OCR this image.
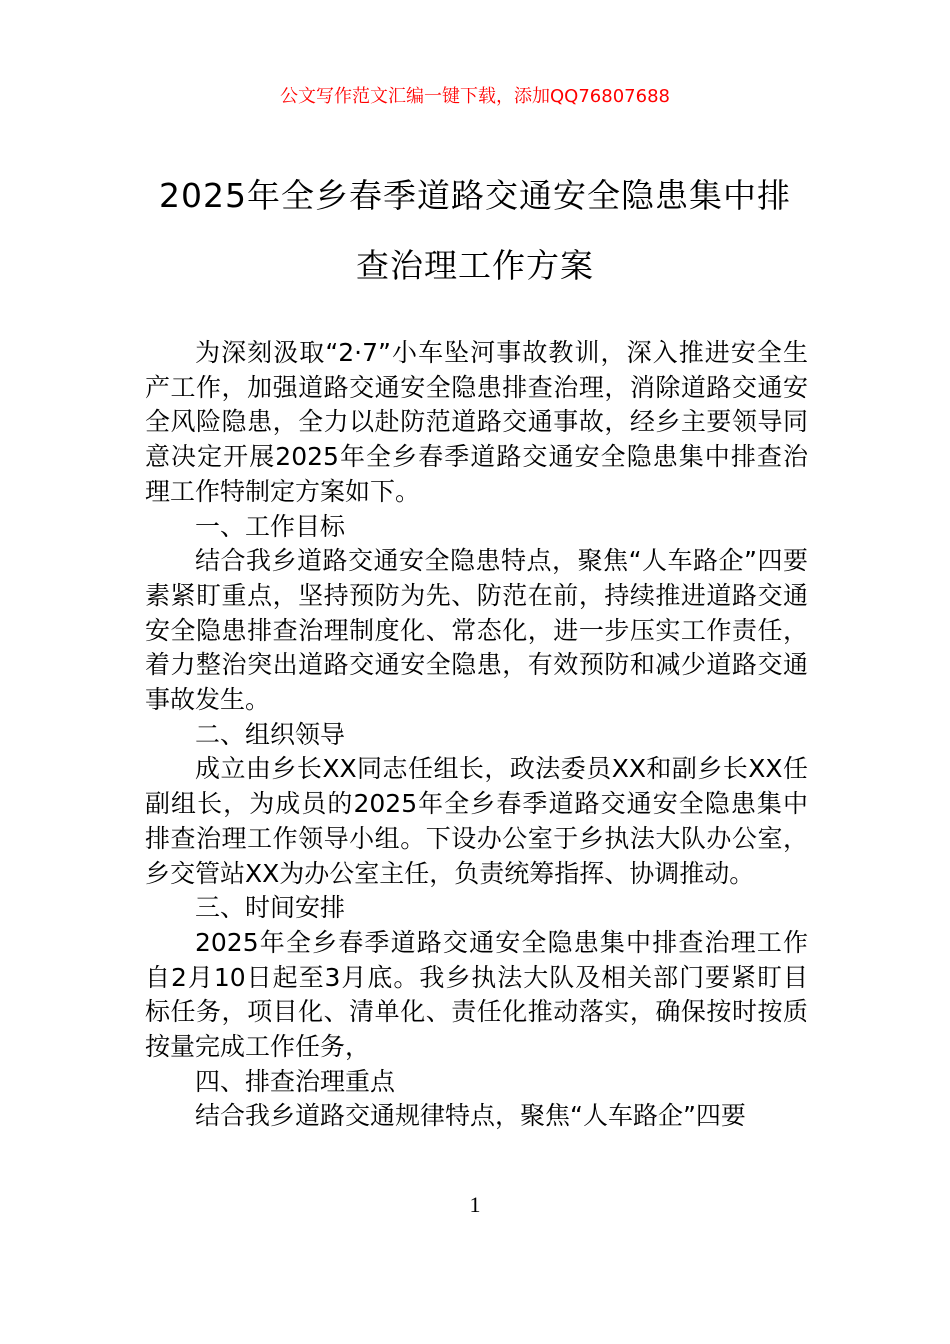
公文写作范文汇编一键下载，添加QQ76807688
2025年全乡春季道路交通安全隐患集中排
查治理工作方案

为深刻汲取“2·7”小车坠河事故教训，深入推进安全生产工作，加强道路交通安全隐患排查治理，消除道路交通安全风险隐患，全力以赴防范道路交通事故，经乡主要领导同意决定开展2025年全乡春季道路交通安全隐患集中排查治理工作特制定方案如下。

一、工作目标

结合我乡道路交通安全隐患特点，聚焦“人车路企”四要素紧盯重点，坚持预防为先、防范在前，持续推进道路交通安全隐患排查治理制度化、常态化，进一步压实工作责任，着力整治突出道路交通安全隐患，有效预防和减少道路交通事故发生。

二、组织领导

成立由乡长XX同志任组长，政法委员XX和副乡长XX任副组长，为成员的2025年全乡春季道路交通安全隐患集中排查治理工作领导小组。下设办公室于乡执法大队办公室，乡交管站XX为办公室主任，负责统筹指挥、协调推动。

三、时间安排

2025年全乡春季道路交通安全隐患集中排查治理工作自2月10日起至3月底。我乡执法大队及相关部门要紧盯目标任务，项目化、清单化、责任化推动落实，确保按时按质按量完成工作任务，

四、排查治理重点

结合我乡道路交通规律特点，聚焦“人车路企”四要

1
